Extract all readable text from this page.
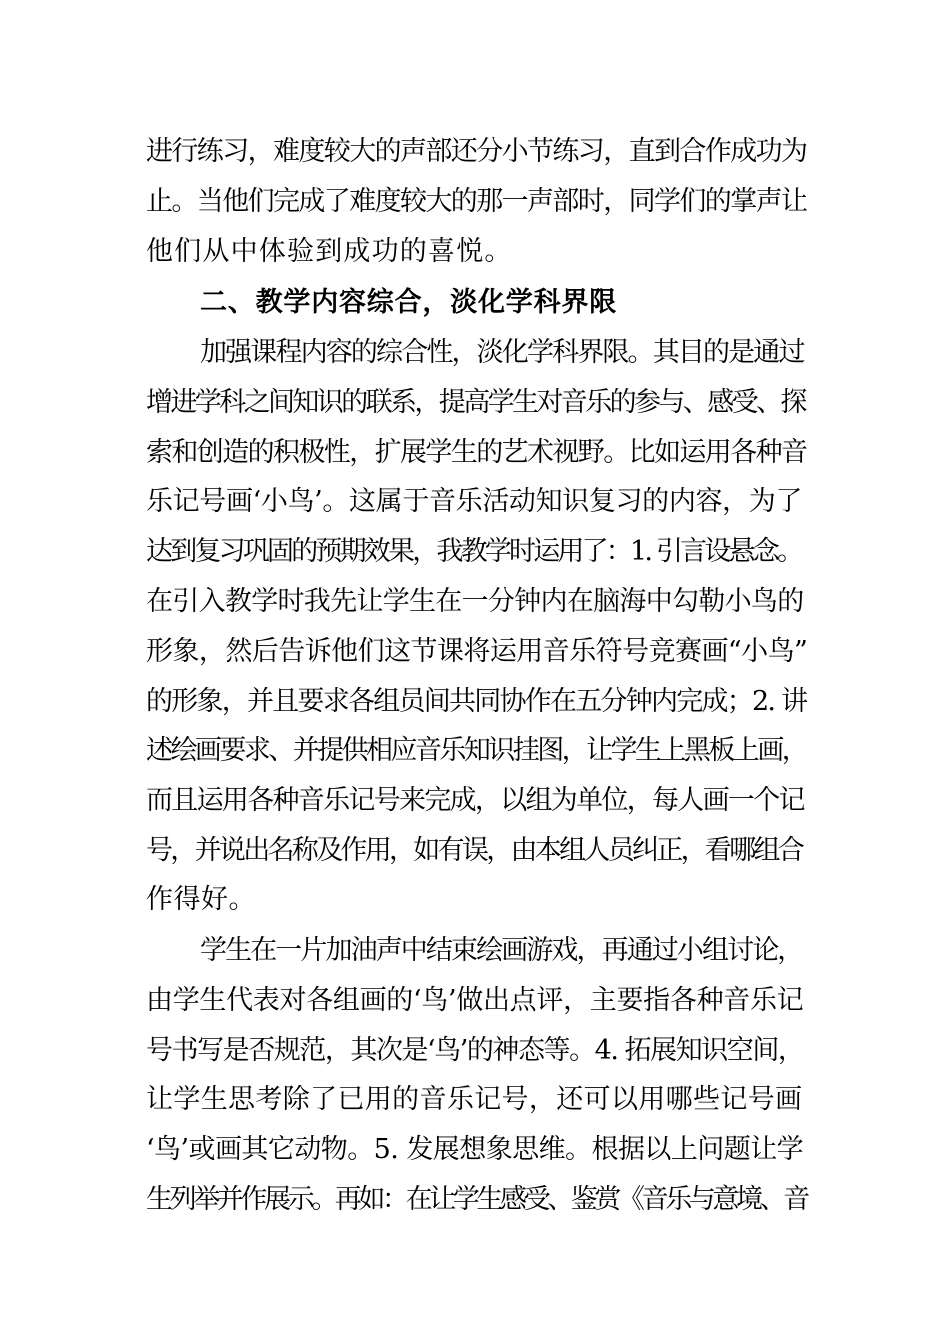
进行练习，难度较大的声部还分小节练习，直到合作成功为
止。当他们完成了难度较大的那一声部时，同学们的掌声让
他们从中体验到成功的喜悦。
二、教学内容综合，淡化学科界限
加强课程内容的综合性，淡化学科界限。其目的是通过
增进学科之间知识的联系，提高学生对音乐的参与、感受、探
索和创造的积极性，扩展学生的艺术视野。比如运用各种音
乐记号画‘小鸟’。这属于音乐活动知识复习的内容，为了
达到复习巩固的预期效果，我教学时运用了：1. 引言设悬念。
在引入教学时我先让学生在一分钟内在脑海中勾勒小鸟的
形象，然后告诉他们这节课将运用音乐符号竞赛画“小鸟”
的形象，并且要求各组员间共同协作在五分钟内完成；2. 讲
述绘画要求、并提供相应音乐知识挂图，让学生上黑板上画，
而且运用各种音乐记号来完成，以组为单位，每人画一个记
号，并说出名称及作用，如有误，由本组人员纠正，看哪组合
作得好。
学生在一片加油声中结束绘画游戏，再通过小组讨论，
由学生代表对各组画的‘鸟’做出点评，主要指各种音乐记
号书写是否规范，其次是‘鸟’的神态等。4. 拓展知识空间，
让学生思考除了已用的音乐记号，还可以用哪些记号画
‘鸟’或画其它动物。5. 发展想象思维。根据以上问题让学
生列举并作展示。再如：在让学生感受、鉴赏《音乐与意境、音
